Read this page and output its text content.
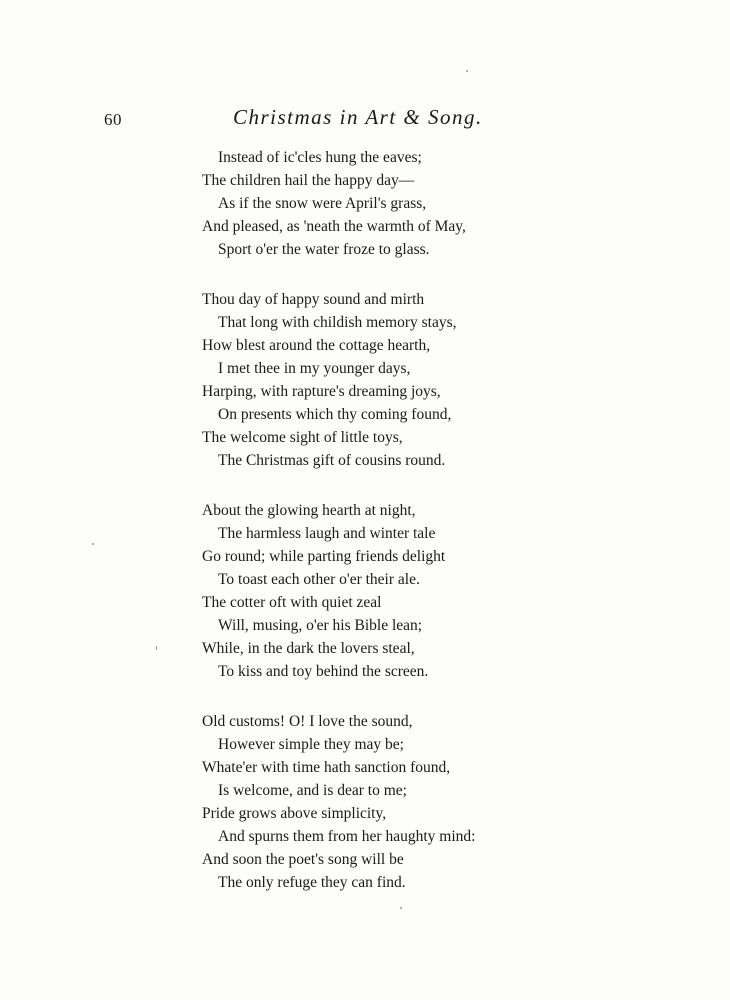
60	Christmas in Art & Song.
Instead of ic'cles hung the eaves;
The children hail the happy day—
As if the snow were April's grass,
And pleased, as 'neath the warmth of May,
Sport o'er the water froze to glass.
Thou day of happy sound and mirth
That long with childish memory stays,
How blest around the cottage hearth,
I met thee in my younger days,
Harping, with rapture's dreaming joys,
On presents which thy coming found,
The welcome sight of little toys,
The Christmas gift of cousins round.
About the glowing hearth at night,
The harmless laugh and winter tale
Go round; while parting friends delight
To toast each other o'er their ale.
The cotter oft with quiet zeal
Will, musing, o'er his Bible lean;
While, in the dark the lovers steal,
To kiss and toy behind the screen.
Old customs! O! I love the sound,
However simple they may be;
Whate'er with time hath sanction found,
Is welcome, and is dear to me;
Pride grows above simplicity,
And spurns them from her haughty mind:
And soon the poet's song will be
The only refuge they can find.
